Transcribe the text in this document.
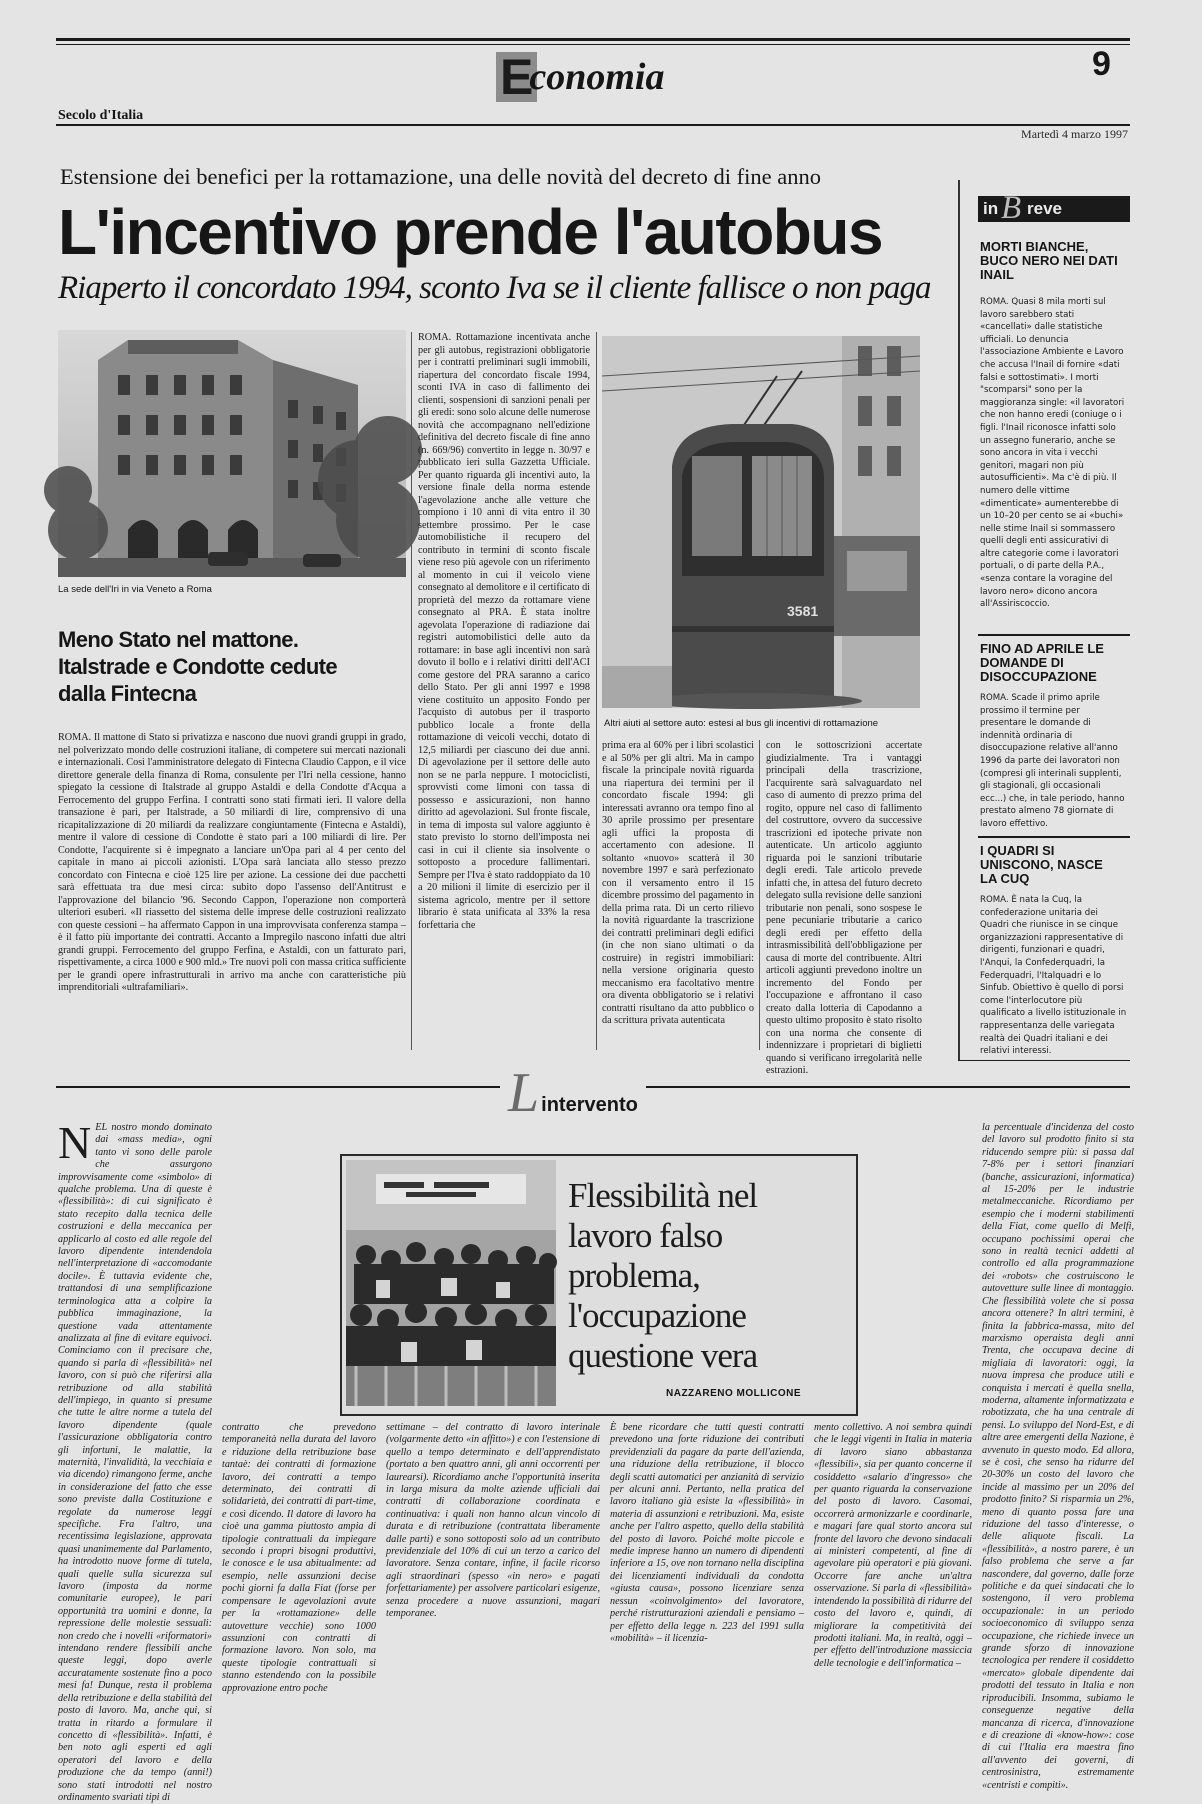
Economia	9
Secolo d'Italia
Martedì 4 marzo 1997
Estensione dei benefici per la rottamazione, una delle novità del decreto di fine anno
L'incentivo prende l'autobus
Riaperto il concordato 1994, sconto Iva se il cliente fallisce o non paga
La sede dell'Iri in via Veneto a Roma
Meno Stato nel mattone. Italstrade e Condotte cedute dalla Fintecna
ROMA. Il mattone di Stato si privatizza e nascono due nuovi grandi gruppi in grado, nel polverizzato mondo delle costruzioni italiane, di competere sui mercati nazionali e internazionali. Così l'amministratore delegato di Fintecna Claudio Cappon, e il vice direttore generale della finanza di Roma, consulente per l'Iri nella cessione, hanno spiegato la cessione di Italstrade al gruppo Astaldi e della Condotte d'Acqua a Ferrocemento del gruppo Ferfina. I contratti sono stati firmati ieri. Il valore della transazione è pari, per Italstrade, a 50 miliardi di lire, comprensivo di una ricapitalizzazione di 20 miliardi da realizzare congiuntamente (Fintecna e Astaldi), mentre il valore di cessione di Condotte è stato pari a 100 miliardi di lire. Per Condotte, l'acquirente si è impegnato a lanciare un'Opa pari al 4 per cento del capitale in mano ai piccoli azionisti. L'Opa sarà lanciata allo stesso prezzo concordato con Fintecna e cioè 125 lire per azione. La cessione dei due pacchetti sarà effettuata tra due mesi circa: subito dopo l'assenso dell'Antitrust e l'approvazione del bilancio '96. Secondo Cappon, l'operazione non comporterà ulteriori esuberi. «Il riassetto del sistema delle imprese delle costruzioni realizzato con queste cessioni – ha affermato Cappon in una improvvisata conferenza stampa – è il fatto più importante dei contratti. Accanto a Impregilo nascono infatti due altri grandi gruppi. Ferrocemento del gruppo Ferfina, e Astaldi, con un fatturato pari, rispettivamente, a circa 1000 e 900 mld.» Tre nuovi poli con massa critica sufficiente per le grandi opere infrastrutturali in arrivo ma anche con caratteristiche più imprenditoriali «ultrafamiliari».
ROMA. Rottamazione incentivata anche per gli autobus, registrazioni obbligatorie per i contratti preliminari sugli immobili, riapertura del concordato fiscale 1994, sconti IVA in caso di fallimento dei clienti, sospensioni di sanzioni penali per gli eredi: sono solo alcune delle numerose novità che accompagnano nell'edizione definitiva del decreto fiscale di fine anno (n. 669/96) convertito in legge n. 30/97 e pubblicato ieri sulla Gazzetta Ufficiale. Per quanto riguarda gli incentivi auto, la versione finale della norma estende l'agevolazione anche alle vetture che compiono i 10 anni di vita entro il 30 settembre prossimo. Per le case automobilistiche il recupero del contributo in termini di sconto fiscale viene reso più agevole con un riferimento al momento in cui il veicolo viene consegnato al demolitore e il certificato di proprietà del mezzo da rottamare viene consegnato al PRA. È stata inoltre agevolata l'operazione di radiazione dai registri automobilistici delle auto da rottamare: in base agli incentivi non sarà dovuto il bollo e i relativi diritti dell'ACI come gestore del PRA saranno a carico dello Stato. Per gli anni 1997 e 1998 viene costituito un apposito Fondo per l'acquisto di autobus per il trasporto pubblico locale a fronte della rottamazione di veicoli vecchi, dotato di 12,5 miliardi per ciascuno dei due anni. Di agevolazione per il settore delle auto non se ne parla neppure. I motociclisti, sprovvisti come limoni con tassa di possesso e assicurazioni, non hanno diritto ad agevolazioni. Sul fronte fiscale, in tema di imposta sul valore aggiunto è stato previsto lo storno dell'imposta nei casi in cui il cliente sia insolvente o sottoposto a procedure fallimentari. Sempre per l'Iva è stato raddoppiato da 10 a 20 milioni il limite di esercizio per il sistema agricolo, mentre per il settore librario è stata unificata al 33% la resa forfettaria che
3581
Altri aiuti al settore auto: estesi al bus gli incentivi di rottamazione
prima era al 60% per i libri scolastici e al 50% per gli altri. Ma in campo fiscale la principale novità riguarda una riapertura dei termini per il concordato fiscale 1994: gli interessati avranno ora tempo fino al 30 aprile prossimo per presentare agli uffici la proposta di accertamento con adesione. Il soltanto «nuovo» scatterà il 30 novembre 1997 e sarà perfezionato con il versamento entro il 15 dicembre prossimo del pagamento in della prima rata. Di un certo rilievo la novità riguardante la trascrizione dei contratti preliminari degli edifici (in che non siano ultimati o da costruire) in registri immobiliari: nella versione originaria questo meccanismo era facoltativo mentre ora diventa obbligatorio se i relativi contratti risultano da atto pubblico o da scrittura privata autenticata
con le sottoscrizioni accertate giudizialmente. Tra i vantaggi principali della trascrizione, l'acquirente sarà salvaguardato nel caso di aumento di prezzo prima del rogito, oppure nel caso di fallimento del costruttore, ovvero da successive trascrizioni ed ipoteche private non autenticate. Un articolo aggiunto riguarda poi le sanzioni tributarie degli eredi. Tale articolo prevede infatti che, in attesa del futuro decreto delegato sulla revisione delle sanzioni tributarie non penali, sono sospese le pene pecuniarie tributarie a carico degli eredi per effetto della intrasmissibilità dell'obbligazione per causa di morte del contribuente. Altri articoli aggiunti prevedono inoltre un incremento del Fondo per l'occupazione e affrontano il caso creato dalla lotteria di Capodanno a questo ultimo proposito è stato risolto con una norma che consente di indennizzare i proprietari di biglietti quando si verificano irregolarità nelle estrazioni.
in B reve
MORTI BIANCHE, BUCO NERO NEI DATI INAIL
ROMA. Quasi 8 mila morti sul lavoro sarebbero stati «cancellati» dalle statistiche ufficiali. Lo denuncia l'associazione Ambiente e Lavoro che accusa l'Inail di fornire «dati falsi e sottostimati». I morti "scomparsi" sono per la maggioranza single: «il lavoratori che non hanno eredi (coniuge o i figli. l'Inail riconosce infatti solo un assegno funerario, anche se sono ancora in vita i vecchi genitori, magari non più autosufficienti». Ma c'è di più. Il numero delle vittime «dimenticate» aumenterebbe di un 10–20 per cento se ai «buchi» nelle stime Inail si sommassero quelli degli enti assicurativi di altre categorie come i lavoratori portuali, o di parte della P.A., «senza contare la voragine del lavoro nero» dicono ancora all'Assiriscoccio.
FINO AD APRILE LE DOMANDE DI DISOCCUPAZIONE
ROMA. Scade il primo aprile prossimo il termine per presentare le domande di indennità ordinaria di disoccupazione relative all'anno 1996 da parte dei lavoratori non (compresi gli interinali supplenti, gli stagionali, gli occasionali ecc...) che, in tale periodo, hanno prestato almeno 78 giornate di lavoro effettivo.
I QUADRI SI UNISCONO, NASCE LA CUQ
ROMA. È nata la Cuq, la confederazione unitaria dei Quadri che riunisce in se cinque organizzazioni rappresentative di dirigenti, funzionari e quadri, l'Anqui, la Confederquadri, la Federquadri, l'Italquadri e lo Sinfub. Obiettivo è quello di porsi come l'interlocutore più qualificato a livello istituzionale in rappresentanza delle variegata realtà dei Quadri italiani e dei relativi interessi.
Lintervento
NEL nostro mondo dominato dai «mass media», ogni tanto vi sono delle parole che assurgono improvvisamente come «simbolo» di qualche problema. Una di queste è «flessibilità»: di cui significato è stato recepito dalla tecnica delle costruzioni e della meccanica per applicarlo al costo ed alle regole del lavoro dipendente intendendola nell'interpretazione di «accomodante docile». È tuttavia evidente che, trattandosi di una semplificazione terminologica atta a colpire la pubblica immaginazione, la questione vada attentamente analizzata al fine di evitare equivoci. Cominciamo con il precisare che, quando si parla di «flessibilità» nel lavoro, con si può che riferirsi alla retribuzione od alla stabilità dell'impiego, in quanto si presume che tutte le altre norme a tutela del lavoro dipendente (quale l'assicurazione obbligatoria contro gli infortuni, le malattie, la maternità, l'invalidità, la vecchiaia e via dicendo) rimangono ferme, anche in considerazione del fatto che esse sono previste dalla Costituzione e regolate da numerose leggi specifiche. Fra l'altro, una recentissima legislazione, approvata quasi unanimemente dal Parlamento, ha introdotto nuove forme di tutela, quali quelle sulla sicurezza sul lavoro (imposta da norme comunitarie europee), le pari opportunità tra uomini e donne, la repressione delle molestie sessuali: non credo che i novelli «riformatori» intendano rendere flessibili anche queste leggi, dopo averle accuratamente sostenute fino a poco mesi fa! Dunque, resta il problema della retribuzione e della stabilità del posto di lavoro. Ma, anche qui, si tratta in ritardo a formulare il concetto di «flessibilità». Infatti, è ben noto agli esperti ed agli operatori del lavoro e della produzione che da tempo (anni!) sono stati introdotti nel nostro ordinamento svariati tipi di
Flessibilità nel lavoro falso problema, l'occupazione questione vera
NAZZARENO MOLLICONE
contratto che prevedono temporaneità nella durata del lavoro e riduzione della retribuzione base tantaè: dei contratti di formazione lavoro, dei contratti a tempo determinato, dei contratti di solidarietà, dei contratti di part-time, e così dicendo. Il datore di lavoro ha cioè una gamma piuttosto ampia di tipologie contrattuali da impiegare secondo i propri bisogni produttivi, le conosce e le usa abitualmente: ad esempio, nelle assunzioni decise pochi giorni fa dalla Fiat (forse per compensare le agevolazioni avute per la «rottamazione» delle autovetture vecchie) sono 1000 assunzioni con contratti di formazione lavoro. Non solo, ma queste tipologie contrattuali si stanno estendendo con la possibile approvazione entro poche
settimane – del contratto di lavoro interinale (volgarmente detto «in affitto») e con l'estensione di quello a tempo determinato e dell'apprendistato (portato a ben quattro anni, gli anni occorrenti per laurearsi). Ricordiamo anche l'opportunità inserita in larga misura da molte aziende ufficiali dai contratti di collaborazione coordinata e continuativa: i quali non hanno alcun vincolo di durata e di retribuzione (contrattata liberamente dalle parti) e sono sottoposti solo ad un contributo previdenziale del 10% di cui un terzo a carico del lavoratore. Senza contare, infine, il facile ricorso agli straordinari (spesso «in nero» e pagati forfettariamente) per assolvere particolari esigenze, senza procedere a nuove assunzioni, magari temporanee.
È bene ricordare che tutti questi contratti prevedono una forte riduzione dei contributi previdenziali da pagare da parte dell'azienda, una riduzione della retribuzione, il blocco degli scatti automatici per anzianità di servizio per alcuni anni. Pertanto, nella pratica del lavoro italiano già esiste la «flessibilità» in materia di assunzioni e retribuzioni. Ma, esiste anche per l'altro aspetto, quello della stabilità del posto di lavoro. Poiché molte piccole e medie imprese hanno un numero di dipendenti inferiore a 15, ove non tornano nella disciplina dei licenziamenti individuali da condotta «giusta causa», possono licenziare senza nessun «coinvolgimento» del lavoratore, perché ristrutturazioni aziendali e pensiamo – per effetto della legge n. 223 del 1991 sulla «mobilità» – il licenzia-
mento collettivo. A noi sembra quindi che le leggi vigenti in Italia in materia di lavoro siano abbastanza «flessibili», sia per quanto concerne il cosiddetto «salario d'ingresso» che per quanto riguarda la conservazione del posto di lavoro. Casomai, occorrerà armonizzarle e coordinarle, e magari fare qual storto ancora sul fronte del lavoro che devono sindacali ai ministeri competenti, al fine di agevolare più operatori e più giovani. Occorre fare anche un'altra osservazione. Si parla di «flessibilità» intendendo la possibilità di ridurre del costo del lavoro e, quindi, di migliorare la competitività dei prodotti italiani. Ma, in realtà, oggi – per effetto dell'introduzione massiccia delle tecnologie e dell'informatica –
la percentuale d'incidenza del costo del lavoro sul prodotto finito si sta riducendo sempre più: si passa dal 7-8% per i settori finanziari (banche, assicurazioni, informatica) al 15-20% per le industrie metalmeccaniche. Ricordiamo per esempio che i moderni stabilimenti della Fiat, come quello di Melfi, occupano pochissimi operai che sono in realtà tecnici addetti al controllo ed alla programmazione dei «robots» che costruiscono le autovetture sulle linee di montaggio. Che flessibilità volete che si possa ancora ottenere? In altri termini, è finita la fabbrica-massa, mito del marxismo operaista degli anni Trenta, che occupava decine di migliaia di lavoratori: oggi, la nuova impresa che produce utili e conquista i mercati è quella snella, moderna, altamente informatizzata e robotizzata, che ha una centrale di pensi. Lo sviluppo del Nord-Est, e di altre aree emergenti della Nazione, è avvenuto in questo modo. Ed allora, se è così, che senso ha ridurre del 20-30% un costo del lavoro che incide al massimo per un 20% del prodotto finito? Si risparmia un 2%, meno di quanto possa fare una riduzione del tasso d'interesse, o delle aliquote fiscali. La «flessibilità», a nostro parere, è un falso problema che serve a far nascondere, dal governo, dalle forze politiche e da quei sindacati che lo sostengono, il vero problema occupazionale: in un periodo socioeconomico di sviluppo senza occupazione, che richiede invece un grande sforzo di innovazione tecnologica per rendere il cosiddetto «mercato» globale dipendente dai prodotti del tessuto in Italia e non riproducibili. Insomma, subiamo le conseguenze negative della mancanza di ricerca, d'innovazione e di creazione di «know-how»: cose di cui l'Italia era maestra fino all'avvento dei governi, di centrosinistra, estremamente «centristi e compiti».
